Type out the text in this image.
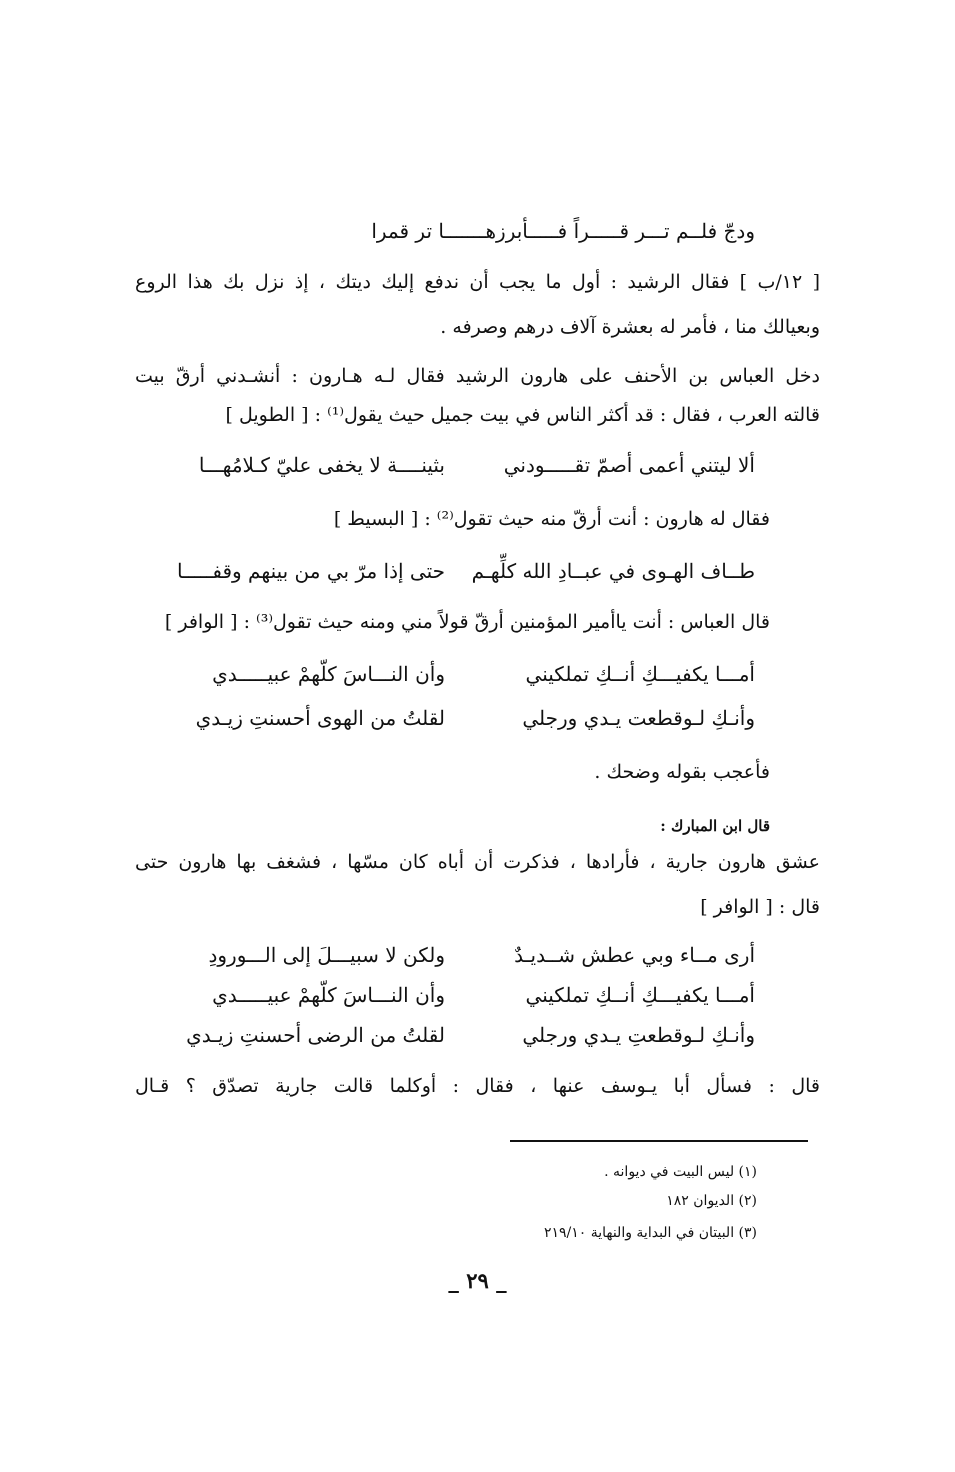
ودجّ فلــم تـــر قـــــراً فـــــأبرزهـــــــا تر قمرا
[ ١٢/ب ] فقال الرشيد : أول ما يجب أن ندفع إليك ديتك ، إذ نزل بك هذا الروع
وبعيالك منا ، فأمر له بعشرة آلاف درهم وصرفه .
دخل العباس بن الأحنف على هارون الرشيد فقال لـه هـارون : أنشـدني أرقّ بيت
قالته العرب ، فقال : قد أكثر الناس في بيت جميل حيث يقول⁽¹⁾ : [ الطويل ]
ألا ليتني أعمى أصمّ تقـــــودني
بثينــــة لا يخفى عليّ كـلامُهـــا
فقال له هارون : أنت أرقّ منه حيث تقول⁽²⁾ : [ البسيط ]
طــاف الهـوى في عبــادِ الله كلِّهـم
حتى إذا مرّ بي من بينهم وقفـــــا
قال العباس : أنت ياأمير المؤمنين أرقّ قولاً مني ومنه حيث تقول⁽³⁾ : [ الوافر ]
أمـــا يكفيـــكِ أنــكِ تملكيني
وأن النـــاسَ كلّهمْ عبيـــــدي
وأنـكِ لـوقطعت يـدي ورجلي
لقلتُ من الهوى أحسنتِ زيـدي
فأعجب بقوله وضحك .
قال ابن المبارك :
عشق هارون جارية ، فأرادها ، فذكرت أن أباه كان مسّها ، فشغف بها هارون حتى
قال : [ الوافر ]
أرى مــاء وبي عطش شــديـدٌ
ولكن لا سبيـــلَ إلى الـــورودِ
أمـــا يكفيـــكِ أنــكِ تملكيني
وأن النـــاسَ كلّهمْ عبيـــــدي
وأنـكِ لـوقطعتِ يـدي ورجلي
لقلتُ من الرضى أحسنتِ زيـدي
قال : فسأل أبا يـوسف عنها ، فقال : أوكلما قالت جارية تصدّق ؟ قـال
(١) ليس البيت في ديوانه .
(٢) الديوان ١٨٢
(٣) البيتان في البداية والنهاية ٢١٩/١٠
_ ٢٩ _
